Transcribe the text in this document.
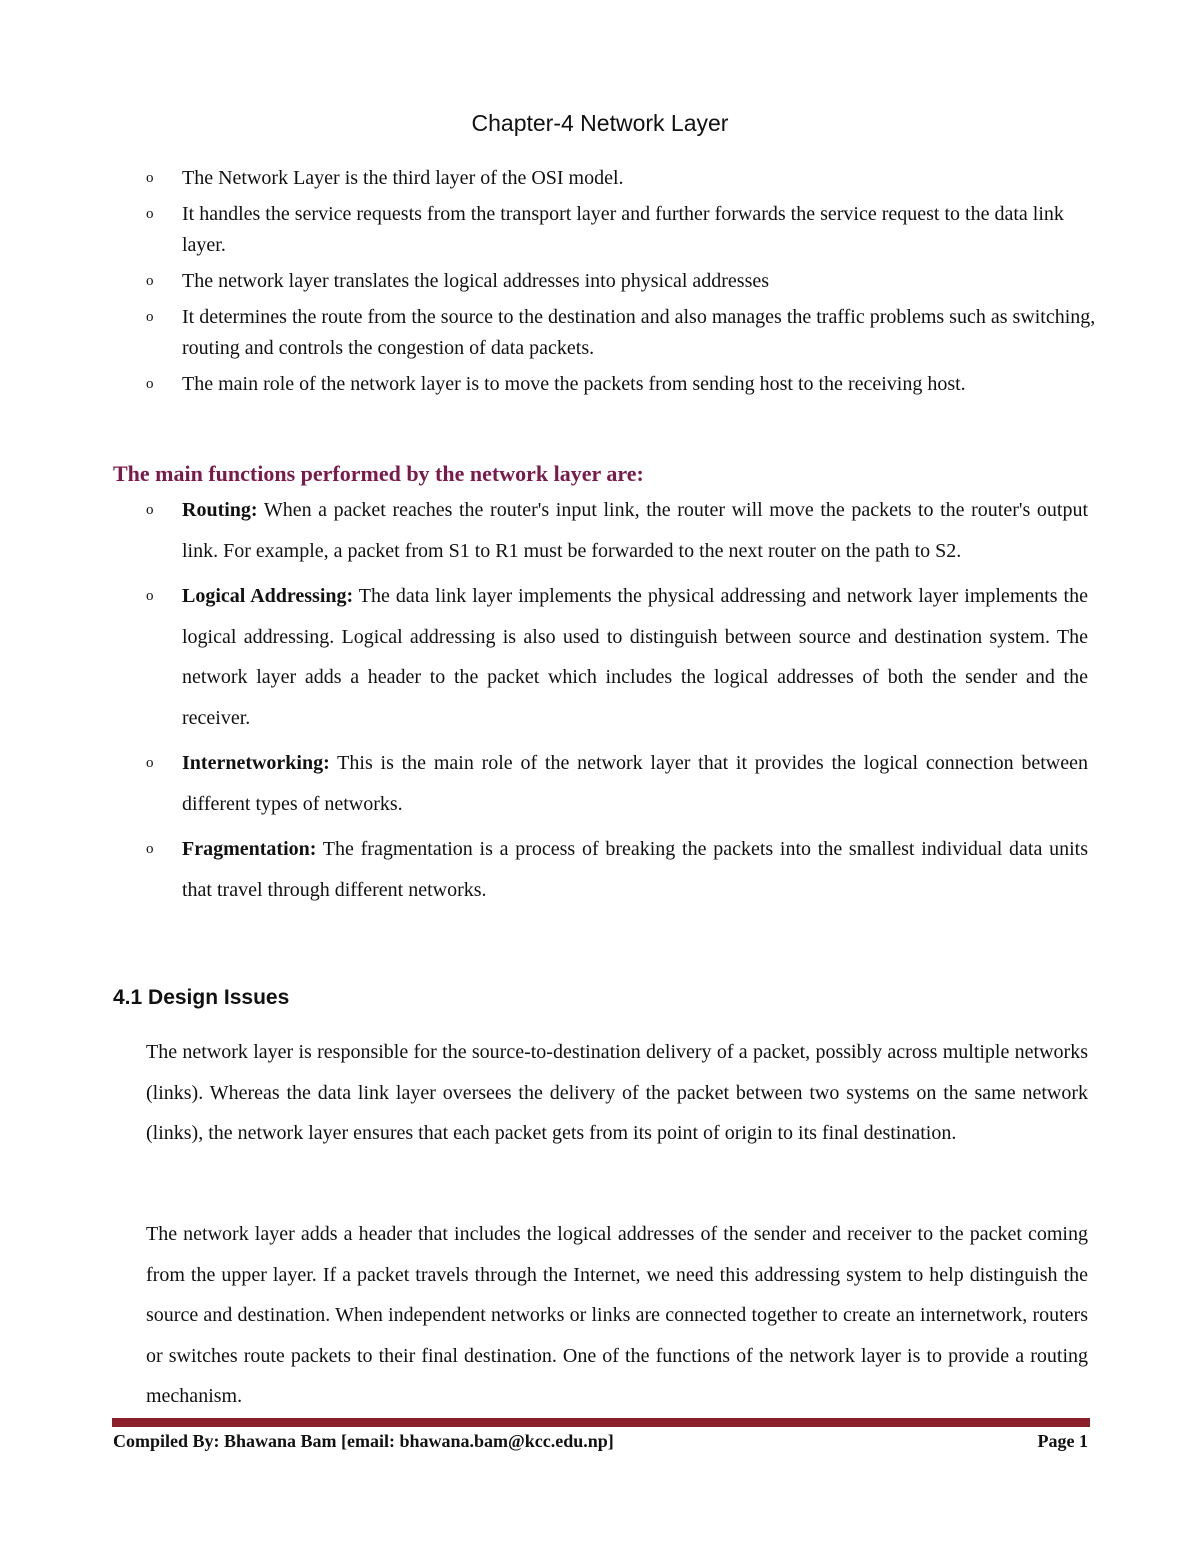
Chapter-4 Network Layer
o The Network Layer is the third layer of the OSI model.
o It handles the service requests from the transport layer and further forwards the service request to the data link layer.
o The network layer translates the logical addresses into physical addresses
o It determines the route from the source to the destination and also manages the traffic problems such as switching, routing and controls the congestion of data packets.
o The main role of the network layer is to move the packets from sending host to the receiving host.
The main functions performed by the network layer are:
o Routing: When a packet reaches the router's input link, the router will move the packets to the router's output link. For example, a packet from S1 to R1 must be forwarded to the next router on the path to S2.
o Logical Addressing: The data link layer implements the physical addressing and network layer implements the logical addressing. Logical addressing is also used to distinguish between source and destination system. The network layer adds a header to the packet which includes the logical addresses of both the sender and the receiver.
o Internetworking: This is the main role of the network layer that it provides the logical connection between different types of networks.
o Fragmentation: The fragmentation is a process of breaking the packets into the smallest individual data units that travel through different networks.
4.1 Design Issues

The network layer is responsible for the source-to-destination delivery of a packet, possibly across multiple networks (links). Whereas the data link layer oversees the delivery of the packet between two systems on the same network (links), the network layer ensures that each packet gets from its point of origin to its final destination.

The network layer adds a header that includes the logical addresses of the sender and receiver to the packet coming from the upper layer. If a packet travels through the Internet, we need this addressing system to help distinguish the source and destination. When independent networks or links are connected together to create an internetwork, routers or switches route packets to their final destination. One of the functions of the network layer is to provide a routing mechanism.

Compiled By: Bhawana Bam [email: bhawana.bam@kcc.edu.np]	Page 1
